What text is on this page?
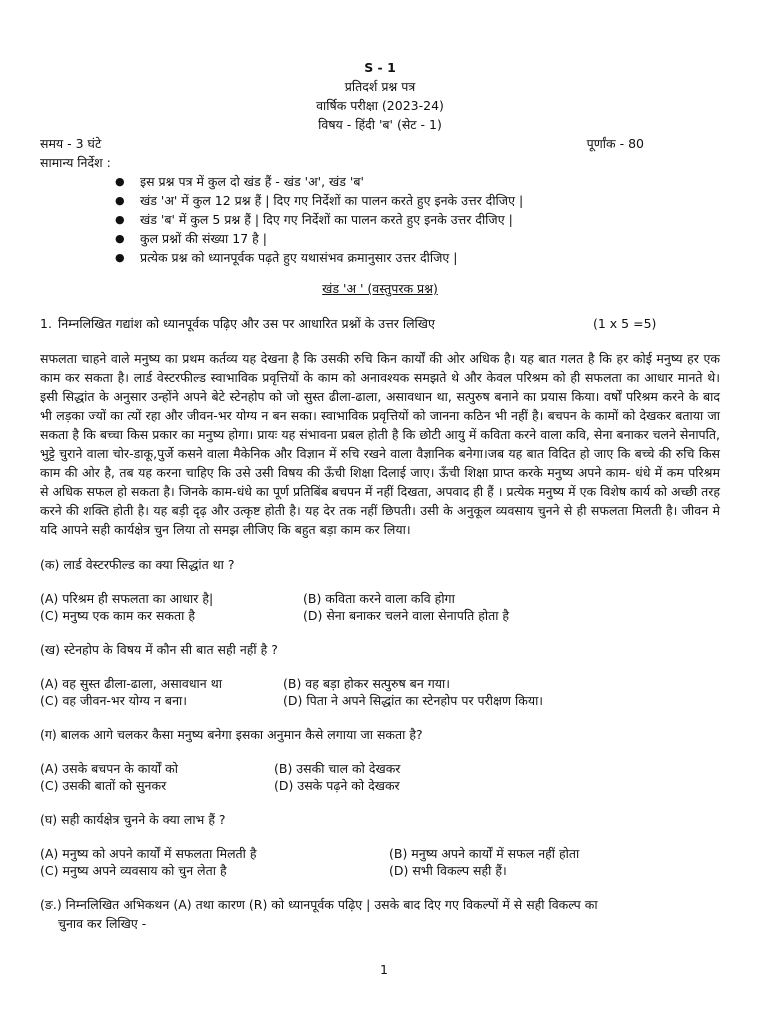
S - 1
प्रतिदर्श प्रश्न पत्र
वार्षिक परीक्षा (2023-24)
विषय - हिंदी 'ब' (सेट - 1)
समय - 3 घंटे	पूर्णांक - 80
सामान्य निर्देश :
● इस प्रश्न पत्र में कुल दो खंड हैं - खंड 'अ', खंड 'ब'
● खंड 'अ' में कुल 12 प्रश्न हैं | दिए गए निर्देशों का पालन करते हुए इनके उत्तर दीजिए |
● खंड 'ब' में कुल 5 प्रश्न हैं | दिए गए निर्देशों का पालन करते हुए इनके उत्तर दीजिए |
● कुल प्रश्नों की संख्या 17 है |
● प्रत्येक प्रश्न को ध्यानपूर्वक पढ़ते हुए यथासंभव क्रमानुसार उत्तर दीजिए |
खंड 'अ ' (वस्तुपरक प्रश्न)
1. निम्नलिखित गद्यांश को ध्यानपूर्वक पढ़िए और उस पर आधारित प्रश्नों के उत्तर लिखिए	(1 x 5 =5)
सफलता चाहने वाले मनुष्य का प्रथम कर्तव्य यह देखना है कि उसकी रुचि किन कार्यों की ओर अधिक है। यह बात गलत है कि हर कोई मनुष्य हर एक काम कर सकता है। लार्ड वेस्टरफील्ड स्वाभाविक प्रवृत्तियों के काम को अनावश्यक समझते थे और केवल परिश्रम को ही सफलता का आधार मानते थे। इसी सिद्धांत के अनुसार उन्होंने अपने बेटे स्टेनहोप को जो सुस्त ढीला-ढाला, असावधान था, सत्पुरुष बनाने का प्रयास किया। वर्षों परिश्रम करने के बाद भी लड़का ज्यों का त्यों रहा और जीवन-भर योग्य न बन सका। स्वाभाविक प्रवृत्तियों को जानना कठिन भी नहीं है। बचपन के कामों को देखकर बताया जा सकता है कि बच्चा किस प्रकार का मनुष्य होगा। प्रायः यह संभावना प्रबल होती है कि छोटी आयु में कविता करने वाला कवि, सेना बनाकर चलने सेनापति, भुट्टे चुराने वाला चोर-डाकू,पुर्जे कसने वाला मैकेनिक और विज्ञान में रुचि रखने वाला वैज्ञानिक बनेगा।जब यह बात विदित हो जाए कि बच्चे की रुचि किस काम की ओर है, तब यह करना चाहिए कि उसे उसी विषय की ऊँची शिक्षा दिलाई जाए। ऊँची शिक्षा प्राप्त करके मनुष्य अपने काम- धंधे में कम परिश्रम से अधिक सफल हो सकता है। जिनके काम-धंधे का पूर्ण प्रतिबिंब बचपन में नहीं दिखता, अपवाद ही हैं । प्रत्येक मनुष्य में एक विशेष कार्य को अच्छी तरह करने की शक्ति होती है। यह बड़ी दृढ़ और उत्कृष्ट होती है। यह देर तक नहीं छिपती। उसी के अनुकूल व्यवसाय चुनने से ही सफलता मिलती है। जीवन मे यदि आपने सही कार्यक्षेत्र चुन लिया तो समझ लीजिए कि बहुत बड़ा काम कर लिया।
(क) लार्ड वेस्टरफील्ड का क्या सिद्धांत था ?
(A) परिश्रम ही सफलता का आधार है|	(B) कविता करने वाला कवि होगा
(C) मनुष्य एक काम कर सकता है	(D) सेना बनाकर चलने वाला सेनापति होता है
(ख) स्टेनहोप के विषय में कौन सी बात सही नहीं है ?
(A) वह सुस्त ढीला-ढाला, असावधान था	(B) वह बड़ा होकर सत्पुरुष बन गया।
(C) वह जीवन-भर योग्य न बना।	(D) पिता ने अपने सिद्धांत का स्टेनहोप पर परीक्षण किया।
(ग) बालक आगे चलकर कैसा मनुष्य बनेगा इसका अनुमान कैसे लगाया जा सकता है?
(A) उसके बचपन के कार्यों को	(B) उसकी चाल को देखकर
(C) उसकी बातों को सुनकर	(D) उसके पढ़ने को देखकर
(घ) सही कार्यक्षेत्र चुनने के क्या लाभ हैं ?
(A) मनुष्य को अपने कार्यों में सफलता मिलती है	(B) मनुष्य अपने कार्यों में सफल नहीं होता
(C) मनुष्य अपने व्यवसाय को चुन लेता है	(D) सभी विकल्प सही हैं।
(ङ.) निम्नलिखित अभिकथन (A) तथा कारण (R) को ध्यानपूर्वक पढ़िए | उसके बाद दिए गए विकल्पों में से सही विकल्प का
चुनाव कर लिखिए -
1
